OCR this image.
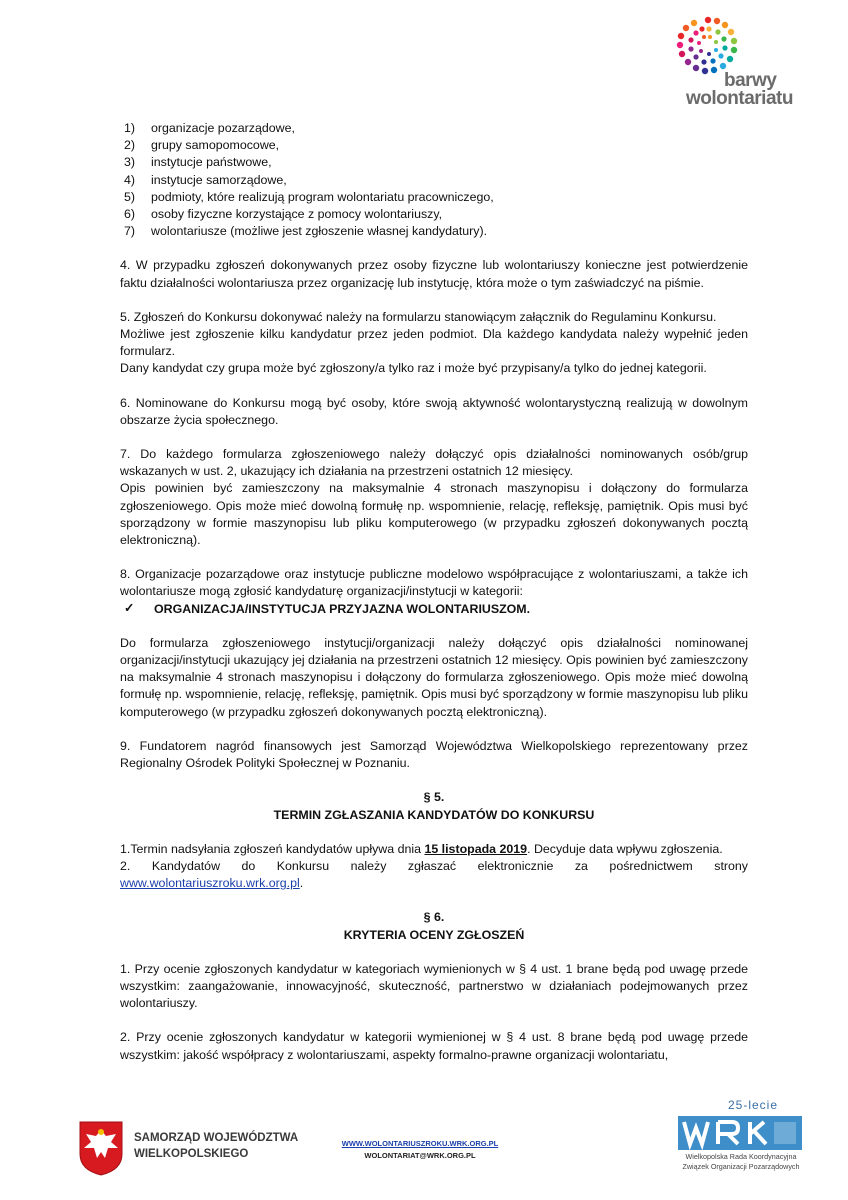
barwy
wolontariatu
1) organizacje pozarządowe,
2) grupy samopomocowe,
3) instytucje państwowe,
4) instytucje samorządowe,
5) podmioty, które realizują program wolontariatu pracowniczego,
6) osoby fizyczne korzystające z pomocy wolontariuszy,
7) wolontariusze (możliwe jest zgłoszenie własnej kandydatury).

4. W przypadku zgłoszeń dokonywanych przez osoby fizyczne lub wolontariuszy konieczne jest potwierdzenie faktu działalności wolontariusza przez organizację lub instytucję, która może o tym zaświadczyć na piśmie.

5. Zgłoszeń do Konkursu dokonywać należy na formularzu stanowiącym załącznik do Regulaminu Konkursu.
Możliwe jest zgłoszenie kilku kandydatur przez jeden podmiot. Dla każdego kandydata należy wypełnić jeden formularz.
Dany kandydat czy grupa może być zgłoszony/a tylko raz i może być przypisany/a tylko do jednej kategorii.

6. Nominowane do Konkursu mogą być osoby, które swoją aktywność wolontarystyczną realizują w dowolnym obszarze życia społecznego.

7. Do każdego formularza zgłoszeniowego należy dołączyć opis działalności nominowanych osób/grup wskazanych w ust. 2, ukazujący ich działania na przestrzeni ostatnich 12 miesięcy.
Opis powinien być zamieszczony na maksymalnie 4 stronach maszynopisu i dołączony do formularza zgłoszeniowego. Opis może mieć dowolną formułę np. wspomnienie, relację, refleksję, pamiętnik. Opis musi być sporządzony w formie maszynopisu lub pliku komputerowego (w przypadku zgłoszeń dokonywanych pocztą elektroniczną).

8. Organizacje pozarządowe oraz instytucje publiczne modelowo współpracujące z wolontariuszami, a także ich wolontariusze mogą zgłosić kandydaturę organizacji/instytucji w kategorii:

✓ ORGANIZACJA/INSTYTUCJA PRZYJAZNA WOLONTARIUSZOM.

Do formularza zgłoszeniowego instytucji/organizacji należy dołączyć opis działalności nominowanej organizacji/instytucji ukazujący jej działania na przestrzeni ostatnich 12 miesięcy. Opis powinien być zamieszczony na maksymalnie 4 stronach maszynopisu i dołączony do formularza zgłoszeniowego. Opis może mieć dowolną formułę np. wspomnienie, relację, refleksję, pamiętnik. Opis musi być sporządzony w formie maszynopisu lub pliku komputerowego (w przypadku zgłoszeń dokonywanych pocztą elektroniczną).

9. Fundatorem nagród finansowych jest Samorząd Województwa Wielkopolskiego reprezentowany przez Regionalny Ośrodek Polityki Społecznej w Poznaniu.

§ 5.
TERMIN ZGŁASZANIA KANDYDATÓW DO KONKURSU

1.Termin nadsyłania zgłoszeń kandydatów upływa dnia 15 listopada 2019. Decyduje data wpływu zgłoszenia.
2. Kandydatów do Konkursu należy zgłaszać elektronicznie za pośrednictwem strony www.wolontariuszroku.wrk.org.pl.

§ 6.
KRYTERIA OCENY ZGŁOSZEŃ

1. Przy ocenie zgłoszonych kandydatur w kategoriach wymienionych w § 4 ust. 1 brane będą pod uwagę przede wszystkim: zaangażowanie, innowacyjność, skuteczność, partnerstwo w działaniach podejmowanych przez wolontariuszy.

2. Przy ocenie zgłoszonych kandydatur w kategorii wymienionej w § 4 ust. 8 brane będą pod uwagę przede wszystkim: jakość współpracy z wolontariuszami, aspekty formalno-prawne organizacji wolontariatu,

SAMORZĄD WOJEWÓDZTWA
WIELKOPOLSKIEGO
WWW.WOLONTARIUSZROKU.WRK.ORG.PL
WOLONTARIAT@WRK.ORG.PL
25-lecie
Wielkopolska Rada Koordynacyjna
Związek Organizacji Pozarządowych
